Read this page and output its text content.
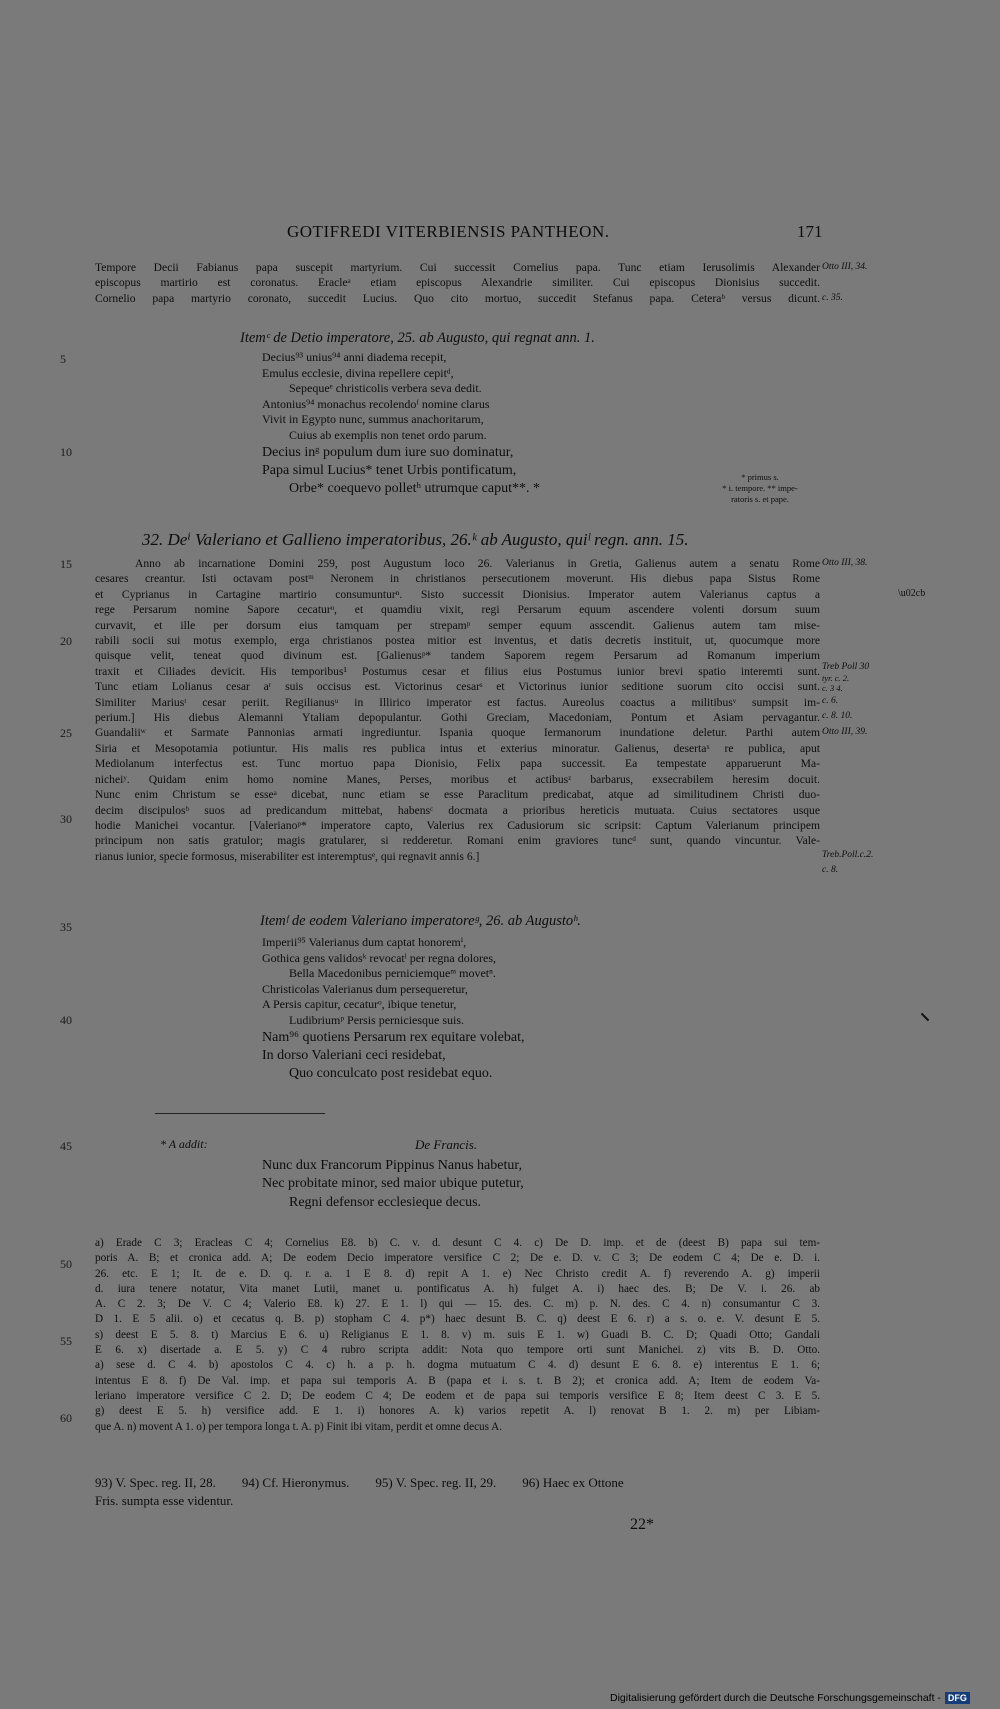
GOTIFREDI VITERBIENSIS PANTHEON.	171

Tempore Decii Fabianus papa suscepit martyrium. Cui successit Cornelius papa. Tunc etiam Ierusolimis Alexander

episcopus martirio est coronatus. Eracleᵃ etiam episcopus Alexandrie similiter. Cui episcopus Dionisius succedit.

Cornelio papa martyrio coronato, succedit Lucius. Quo cito mortuo, succedit Stefanus papa. Ceteraᵇ versus dicunt.

Otto III, 34.
c. 35.
Itemᶜ de Detio imperatore, 25. ab Augusto, qui regnat ann. 1.

Decius⁹³ unius⁹⁴ anni diadema recepit,

Emulus ecclesie, divina repellere cepitᵈ,

Sepequeᵉ christicolis verbera seva dedit.

Antonius⁹⁴ monachus recolendoᶠ nomine clarus

Vivit in Egypto nunc, summus anachoritarum,

Cuius ab exemplis non tenet ordo parum.

Decius inᵍ populum dum iure suo dominatur,

Papa simul Lucius* tenet Urbis pontificatum,

Orbe* coequevo polletʰ utrumque caput**. *

* primus s.

* i. tempore. ** impe-

ratoris s. et pape.

32. Deⁱ Valeriano et Gallieno imperatoribus, 26.ᵏ ab Augusto, quiˡ regn. ann. 15.

Anno ab incarnatione Domini 259, post Augustum loco 26. Valerianus in Gretia, Galienus autem a senatu Rome

cesares creantur. Isti octavam postᵐ Neronem in christianos persecutionem moverunt. His diebus papa Sistus Rome

et Cyprianus in Cartagine martirio consumunturⁿ. Sisto successit Dionisius. Imperator autem Valerianus captus a

rege Persarum nomine Sapore cecaturᵒ, et quamdiu vixit, regi Persarum equum ascendere volenti dorsum suum

curvavit, et ille per dorsum eius tamquam per strepamᵖ semper equum asscendit. Galienus autem tam mise-

rabili socii sui motus exemplo, erga christianos postea mitior est inventus, et datis decretis instituit, ut, quocumque more

quisque velit, teneat quod divinum est. [Galienusᵖ* tandem Saporem regem Persarum ad Romanum imperium

traxit et Ciliades devicit. His temporibus¹ Postumus cesar et filius eius Postumus iunior brevi spatio interemti sunt.

Tunc etiam Lolianus cesar aʳ suis occisus est. Victorinus cesarˢ et Victorinus iunior seditione suorum cito occisi sunt.

Similiter Mariusᵗ cesar periit. Regilianusᵘ in Illirico imperator est factus. Aureolus coactus a militibusᵛ sumpsit im-

perium.] His diebus Alemanni Ytaliam depopulantur. Gothi Greciam, Macedoniam, Pontum et Asiam pervagantur.

Guandaliiʷ et Sarmate Pannonias armati ingrediuntur. Ispania quoque Iermanorum inundatione deletur. Parthi autem

Siria et Mesopotamia potiuntur. His malis res publica intus et exterius minoratur. Galienus, desertaˣ re publica, aput

Mediolanum interfectus est. Tunc mortuo papa Dionisio, Felix papa successit. Ea tempestate apparuerunt Ma-

nicheiʸ. Quidam enim homo nomine Manes, Perses, moribus et actibusᶻ barbarus, exsecrabilem heresim docuit.

Nunc enim Christum se esseᵃ dicebat, nunc etiam se esse Paraclitum predicabat, atque ad similitudinem Christi duo-

decim discipulosᵇ suos ad predicandum mittebat, habensᶜ docmata a prioribus hereticis mutuata. Cuius sectatores usque

hodie Manichei vocantur. [Valerianoᵖ* imperatore capto, Valerius rex Cadusiorum sic scripsit: Captum Valerianum principem

principum non satis gratulor; magis gratularer, si redderetur. Romani enim graviores tuncᵈ sunt, quando vincuntur. Vale-

rianus iunior, specie formosus, miserabiliter est interemptusᵉ, qui regnavit annis 6.]

Otto III, 38.
Treb Poll 30
tyr. c. 2.
c. 3 4.
c. 6.
c. 8. 10.
Otto III, 39.
Treb.Poll.c.2.
c. 8.
Itemᶠ de eodem Valeriano imperatoreᵍ, 26. ab Augustoʰ.

Imperii⁹⁵ Valerianus dum captat honoremⁱ,

Gothica gens validosᵏ revocatˡ per regna dolores,

Bella Macedonibus perniciemqueᵐ movetⁿ.

Christicolas Valerianus dum persequeretur,

A Persis capitur, cecaturᵒ, ibique tenetur,

Ludibriumᵖ Persis perniciesque suis.

Nam⁹⁶ quotiens Persarum rex equitare volebat,

In dorso Valeriani ceci residebat,

Quo conculcato post residebat equo.

* A addit:	De Francis.

Nunc dux Francorum Pippinus Nanus habetur,

Nec probitate minor, sed maior ubique putetur,

Regni defensor ecclesieque decus.

5
10
15
20
25
30
35
40
45
50
55
60

a) Erade C 3; Eracleas C 4; Cornelius E8. b) C. v. d. desunt C 4. c) De D. imp. et de (deest B) papa sui tem-

poris A. B; et cronica add. A; De eodem Decio imperatore versifice C 2; De e. D. v. C 3; De eodem C 4; De e. D. i.

26. etc. E 1; It. de e. D. q. r. a. 1 E 8. d) repit A 1. e) Nec Christo credit A. f) reverendo A. g) imperii

d. iura tenere notatur, Vita manet Lutii, manet u. pontificatus A. h) fulget A. i) haec des. B; De V. i. 26. ab

A. C 2. 3; De V. C 4; Valerio E8. k) 27. E 1. l) qui — 15. des. C. m) p. N. des. C 4. n) consumantur C 3.

D 1. E 5 alii. o) et cecatus q. B. p) stopham C 4. p*) haec desunt B. C. q) deest E 6. r) a s. o. e. V. desunt E 5.

s) deest E 5. 8. t) Marcius E 6. u) Religianus E 1. 8. v) m. suis E 1. w) Guadi B. C. D; Quadi Otto; Gandali

E 6. x) disertade a. E 5. y) C 4 rubro scripta addit: Nota quo tempore orti sunt Manichei. z) vits B. D. Otto.

a) sese d. C 4. b) apostolos C 4. c) h. a p. h. dogma mutuatum C 4. d) desunt E 6. 8. e) interentus E 1. 6;

intentus E 8. f) De Val. imp. et papa sui temporis A. B (papa et i. s. t. B 2); et cronica add. A; Item de eodem Va-

leriano imperatore versifice C 2. D; De eodem C 4; De eodem et de papa sui temporis versifice E 8; Item deest C 3. E 5.

g) deest E 5. h) versifice add. E 1. i) honores A. k) varios repetit A. l) renovat B 1. 2. m) per Libiam-

que A. n) movent A 1. o) per tempora longa t. A. p) Finit ibi vitam, perdit et omne decus A.

93) V. Spec. reg. II, 28.        94) Cf. Hieronymus.        95) V. Spec. reg. II, 29.        96) Haec ex Ottone

Fris. sumpta esse videntur.

22*
\u02cb
Digitalisierung gefördert durch die Deutsche Forschungsgemeinschaft - DFG
